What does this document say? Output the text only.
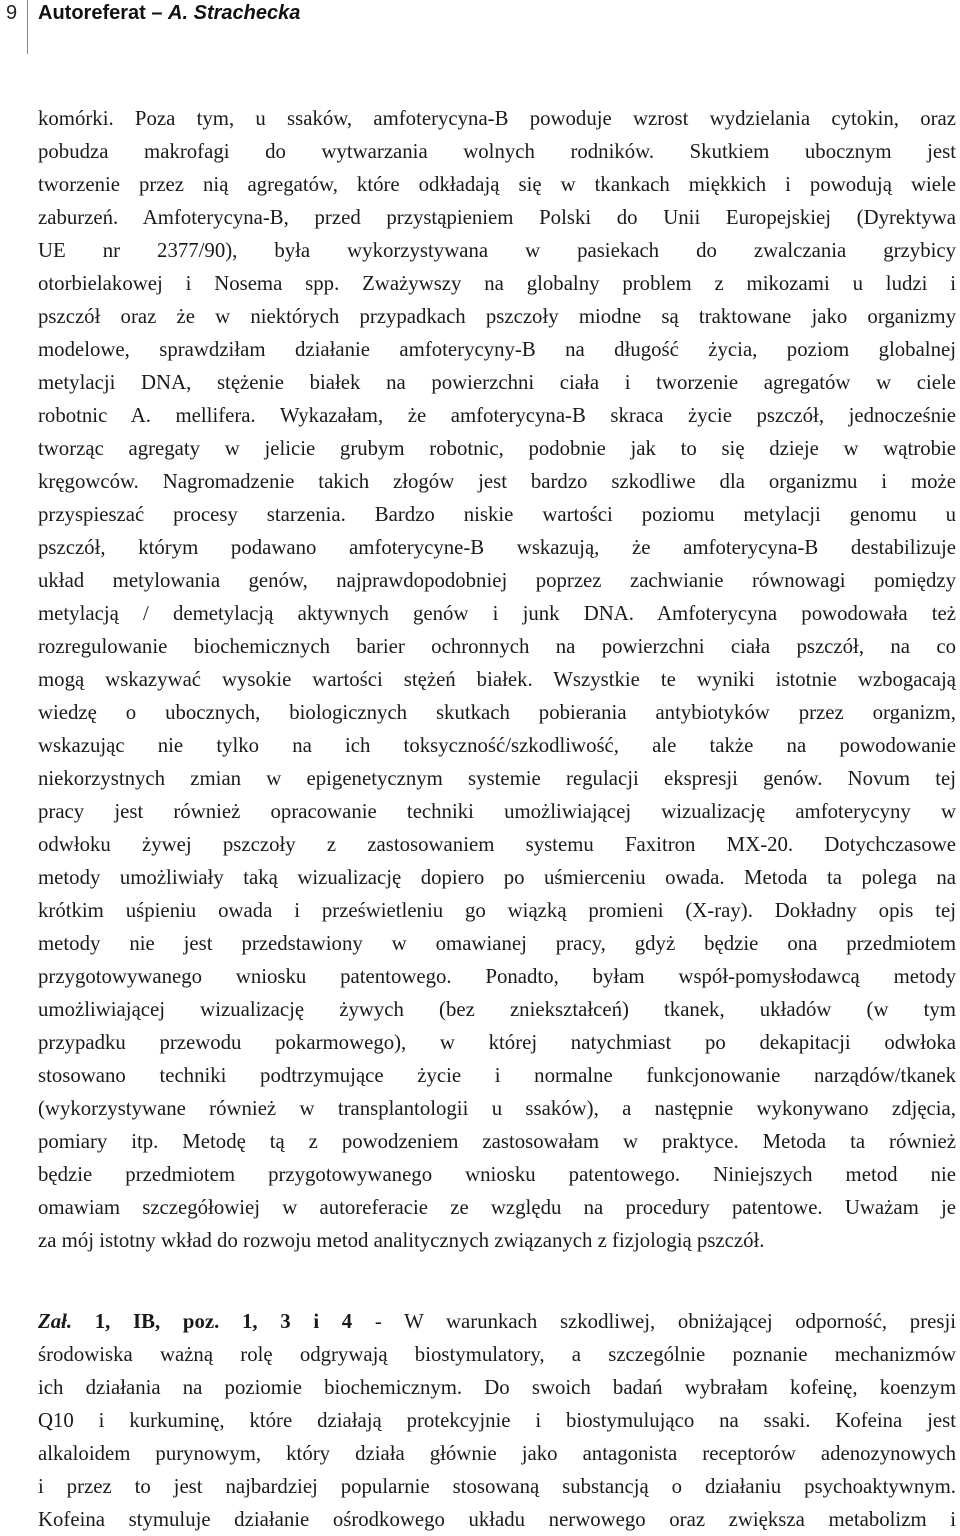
9 Autoreferat – A. Strachecka

komórki. Poza tym, u ssaków, amfoterycyna-B powoduje wzrost wydzielania cytokin, oraz
pobudza makrofagi do wytwarzania wolnych rodników. Skutkiem ubocznym jest
tworzenie przez nią agregatów, które odkładają się w tkankach miękkich i powodują wiele
zaburzeń. Amfoterycyna-B, przed przystąpieniem Polski do Unii Europejskiej (Dyrektywa
UE nr 2377/90), była wykorzystywana w pasiekach do zwalczania grzybicy
otorbielakowej i Nosema spp. Zważywszy na globalny problem z mikozami u ludzi i
pszczół oraz że w niektórych przypadkach pszczoły miodne są traktowane jako organizmy
modelowe, sprawdziłam działanie amfoterycyny-B na długość życia, poziom globalnej
metylacji DNA, stężenie białek na powierzchni ciała i tworzenie agregatów w ciele
robotnic A. mellifera. Wykazałam, że amfoterycyna-B skraca życie pszczół, jednocześnie
tworząc agregaty w jelicie grubym robotnic, podobnie jak to się dzieje w wątrobie
kręgowców. Nagromadzenie takich złogów jest bardzo szkodliwe dla organizmu i może
przyspieszać procesy starzenia. Bardzo niskie wartości poziomu metylacji genomu u
pszczół, którym podawano amfoterycyne-B wskazują, że amfoterycyna-B destabilizuje
układ metylowania genów, najprawdopodobniej poprzez zachwianie równowagi pomiędzy
metylacją / demetylacją aktywnych genów i junk DNA. Amfoterycyna powodowała też
rozregulowanie biochemicznych barier ochronnych na powierzchni ciała pszczół, na co
mogą wskazywać wysokie wartości stężeń białek. Wszystkie te wyniki istotnie wzbogacają
wiedzę o ubocznych, biologicznych skutkach pobierania antybiotyków przez organizm,
wskazując nie tylko na ich toksyczność/szkodliwość, ale także na powodowanie
niekorzystnych zmian w epigenetycznym systemie regulacji ekspresji genów. Novum tej
pracy jest również opracowanie techniki umożliwiającej wizualizację amfoterycyny w
odwłoku żywej pszczoły z zastosowaniem systemu Faxitron MX-20. Dotychczasowe
metody umożliwiały taką wizualizację dopiero po uśmierceniu owada. Metoda ta polega na
krótkim uśpieniu owada i prześwietleniu go wiązką promieni (X-ray). Dokładny opis tej
metody nie jest przedstawiony w omawianej pracy, gdyż będzie ona przedmiotem
przygotowywanego wniosku patentowego. Ponadto, byłam współ-pomysłodawcą metody
umożliwiającej wizualizację żywych (bez zniekształceń) tkanek, układów (w tym
przypadku przewodu pokarmowego), w której natychmiast po dekapitacji odwłoka
stosowano techniki podtrzymujące życie i normalne funkcjonowanie narządów/tkanek
(wykorzystywane również w transplantologii u ssaków), a następnie wykonywano zdjęcia,
pomiary itp. Metodę tą z powodzeniem zastosowałam w praktyce. Metoda ta również
będzie przedmiotem przygotowywanego wniosku patentowego. Niniejszych metod nie
omawiam szczegółowiej w autoreferacie ze względu na procedury patentowe. Uważam je
za mój istotny wkład do rozwoju metod analitycznych związanych z fizjologią pszczół.

Zał. 1, IB, poz. 1, 3 i 4 - W warunkach szkodliwej, obniżającej odporność, presji
środowiska ważną rolę odgrywają biostymulatory, a szczególnie poznanie mechanizmów
ich działania na poziomie biochemicznym. Do swoich badań wybrałam kofeinę, koenzym
Q10 i kurkuminę, które działają protekcyjnie i biostymulująco na ssaki. Kofeina jest
alkaloidem purynowym, który działa głównie jako antagonista receptorów adenozynowych
i przez to jest najbardziej popularnie stosowaną substancją o działaniu psychoaktywnym.
Kofeina stymuluje działanie ośrodkowego układu nerwowego oraz zwiększa metabolizm i
